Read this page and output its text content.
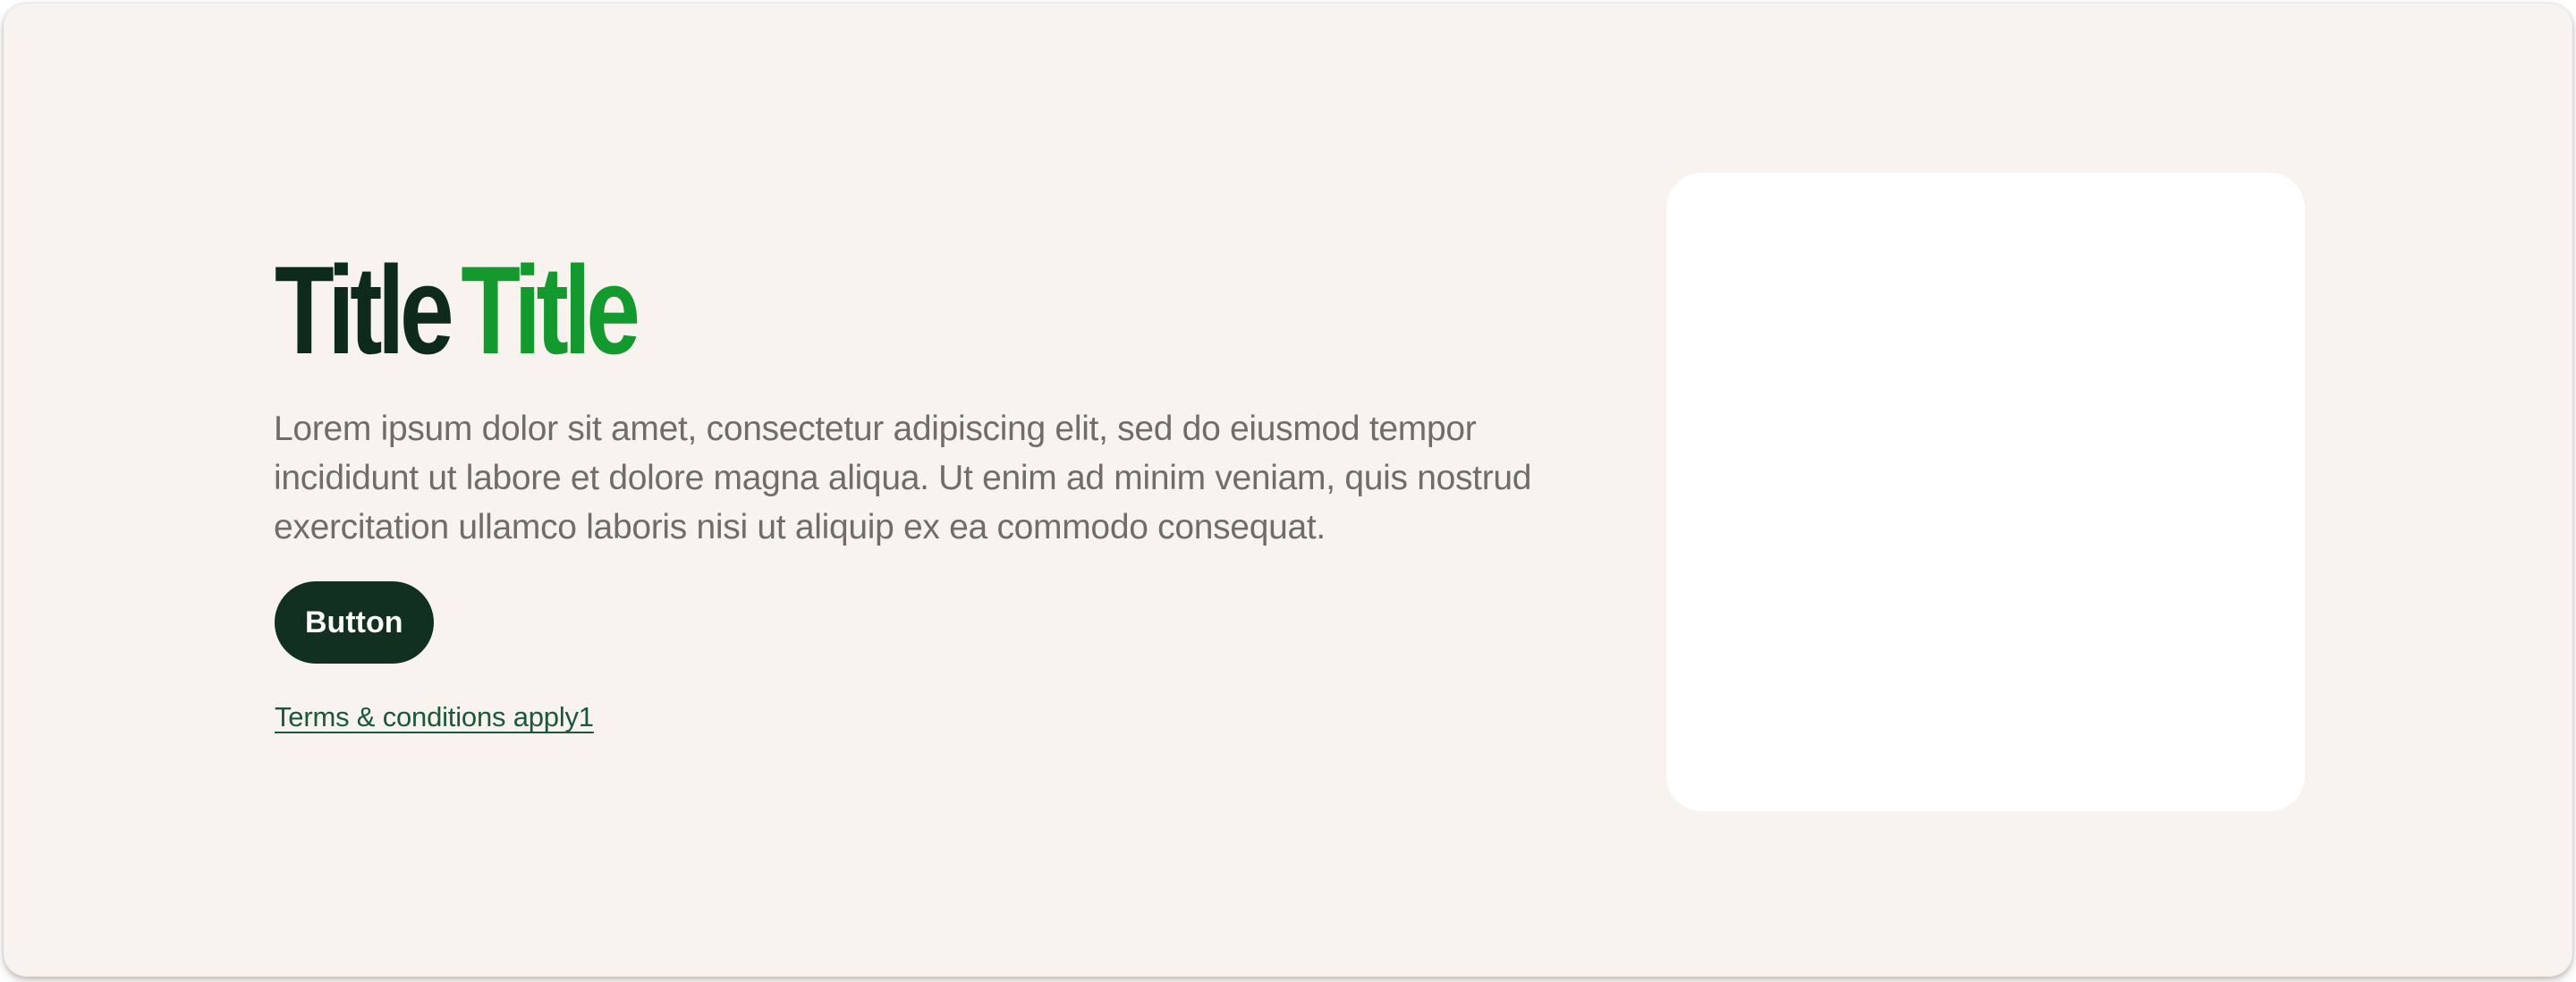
TitleTitle
Lorem ipsum dolor sit amet, consectetur adipiscing elit, sed do eiusmod tempor
incididunt ut labore et dolore magna aliqua. Ut enim ad minim veniam, quis nostrud
exercitation ullamco laboris nisi ut aliquip ex ea commodo consequat.
Button
Terms & conditions apply1
